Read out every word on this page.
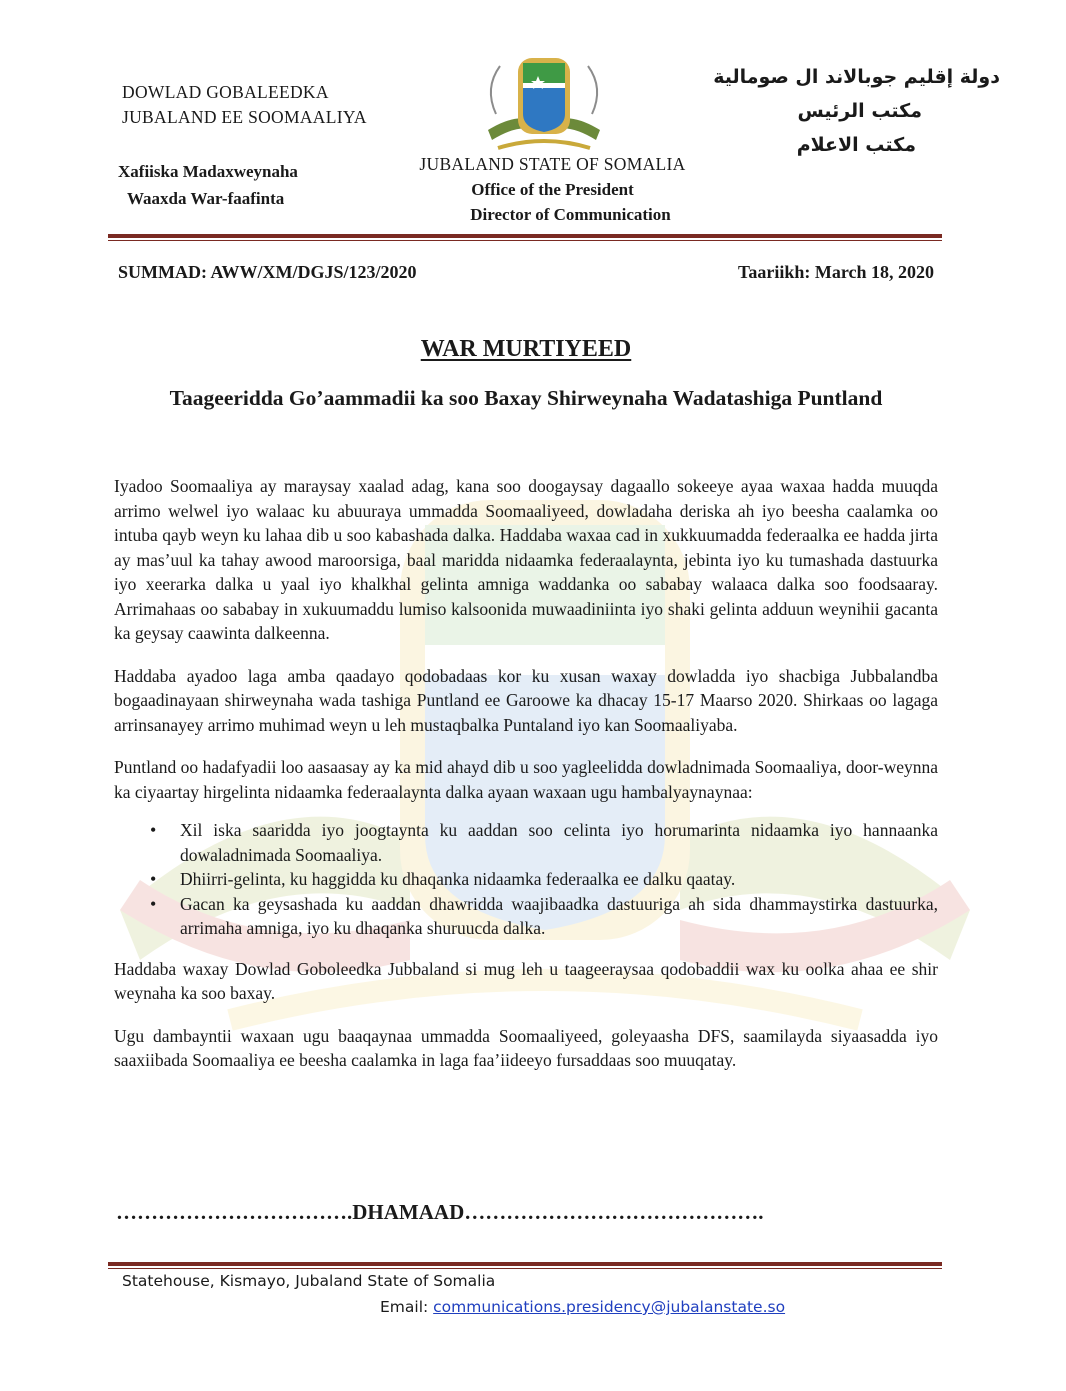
DOWLAD GOBALEEDKA
JUBALAND EE SOOMAALIYA
Xafiiska Madaxweynaha
Waaxda War-faafinta
JUBALAND STATE OF SOMALIA
Office of the President
Director of Communication
دولة إقليم جوبالاند ال صومالية
مكتب الرئيس
مكتب الاعلام
SUMMAD: AWW/XM/DGJS/123/2020	Taariikh: March 18, 2020
WAR MURTIYEED
Taageeridda Go’aammadii ka soo Baxay Shirweynaha Wadatashiga Puntland

Iyadoo Soomaaliya ay maraysay xaalad adag, kana soo doogaysay dagaallo sokeeye ayaa waxaa hadda muuqda arrimo welwel iyo walaac ku abuuraya ummadda Soomaaliyeed, dowladaha deriska ah iyo beesha caalamka oo intuba qayb weyn ku lahaa dib u soo kabashada dalka. Haddaba waxaa cad in xukkuumadda federaalka ee hadda jirta ay mas’uul ka tahay awood maroorsiga, baal maridda nidaamka federaalaynta, jebinta iyo ku tumashada dastuurka iyo xeerarka dalka u yaal iyo khalkhal gelinta amniga waddanka oo sababay walaaca dalka soo foodsaaray. Arrimahaas oo sababay in xukuumaddu lumiso kalsoonida muwaadiniinta iyo shaki gelinta adduun weynihii gacanta ka geysay caawinta dalkeenna.

Haddaba ayadoo laga amba qaadayo qodobadaas kor ku xusan waxay dowladda iyo shacbiga Jubbalandba bogaadinayaan shirweynaha wada tashiga Puntland ee Garoowe ka dhacay 15-17 Maarso 2020. Shirkaas oo lagaga arrinsanayey arrimo muhimad weyn u leh mustaqbalka Puntaland iyo kan Soomaaliyaba.

Puntland oo hadafyadii loo aasaasay ay ka mid ahayd dib u soo yagleelidda dowladnimada Soomaaliya, door-weynna ka ciyaartay hirgelinta nidaamka federaalaynta dalka ayaan waxaan ugu hambalyaynaynaa:

• Xil iska saaridda iyo joogtaynta ku aaddan soo celinta iyo horumarinta nidaamka iyo hannaanka dowaladnimada Soomaaliya.
• Dhiirri-gelinta, ku haggidda ku dhaqanka nidaamka federaalka ee dalku qaatay.
• Gacan ka geysashada ku aaddan dhawridda waajibaadka dastuuriga ah sida dhammaystirka dastuurka, arrimaha amniga, iyo ku dhaqanka shuruucda dalka.

Haddaba waxay Dowlad Goboleedka Jubbaland si mug leh u taageeraysaa qodobaddii wax ku oolka ahaa ee shir weynaha ka soo baxay.

Ugu dambayntii waxaan ugu baaqaynaa ummadda Soomaaliyeed, goleyaasha DFS, saamilayda siyaasadda iyo saaxiibada Soomaaliya ee beesha caalamka in laga faa’iideeyo fursaddaas soo muuqatay.

…………………………….DHAMAAD…………………………………….
Statehouse, Kismayo, Jubaland State of Somalia
Email: communications.presidency@jubalanstate.so
